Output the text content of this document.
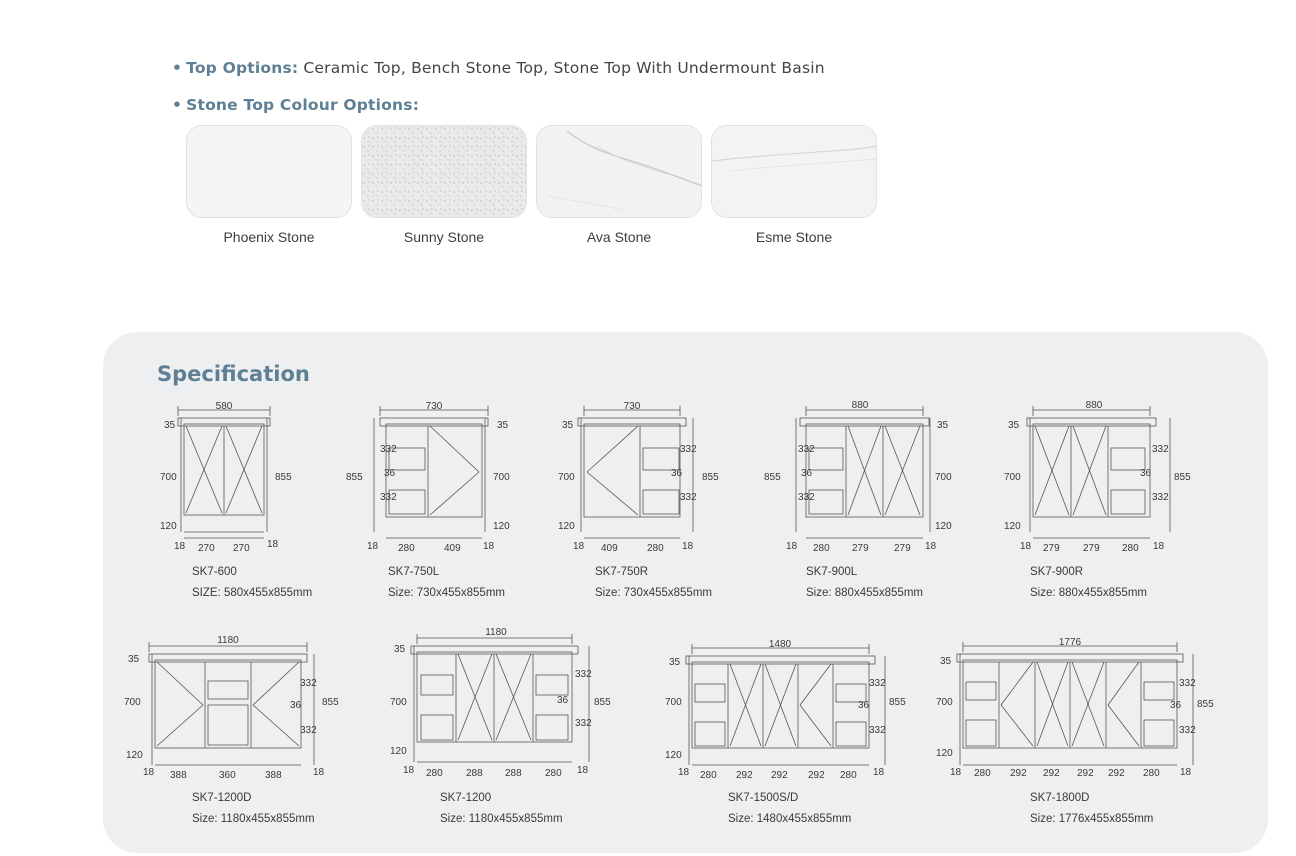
• Top Options: Ceramic Top, Bench Stone Top, Stone Top With Undermount Basin
• Stone Top Colour Options:
Phoenix Stone	Sunny Stone	Ava Stone	Esme Stone
Specification
580
35
700
120
855
18 270 270 18
730
855
332
36
332
35
700
120
18 280	409 18
730
35
700
120
332
36
332
855
18 409	280 18
880
855
332
36
332
35
700
120
18 280 279	279 18
880
35
700
120
332
36
332
855
18 279 279 280 18
1180
35
700
120
332
36
332
855
18 388	360	388	18
1180
35
700
120
332
36
332
855
18 280 288 288 280 18
1480
35
700
120
332
36
332
855
18 280 292 292 292 280 18
1776
35
700
120
332
36
332
855
18 280 292 292 292 292 280 18
SK7-600
SIZE: 580x455x855mm
SK7-750L
Size: 730x455x855mm
SK7-750R
Size: 730x455x855mm
SK7-900L
Size: 880x455x855mm
SK7-900R
Size: 880x455x855mm
SK7-1200D
Size: 1180x455x855mm
SK7-1200
Size: 1180x455x855mm
SK7-1500S/D
Size: 1480x455x855mm
SK7-1800D
Size: 1776x455x855mm
